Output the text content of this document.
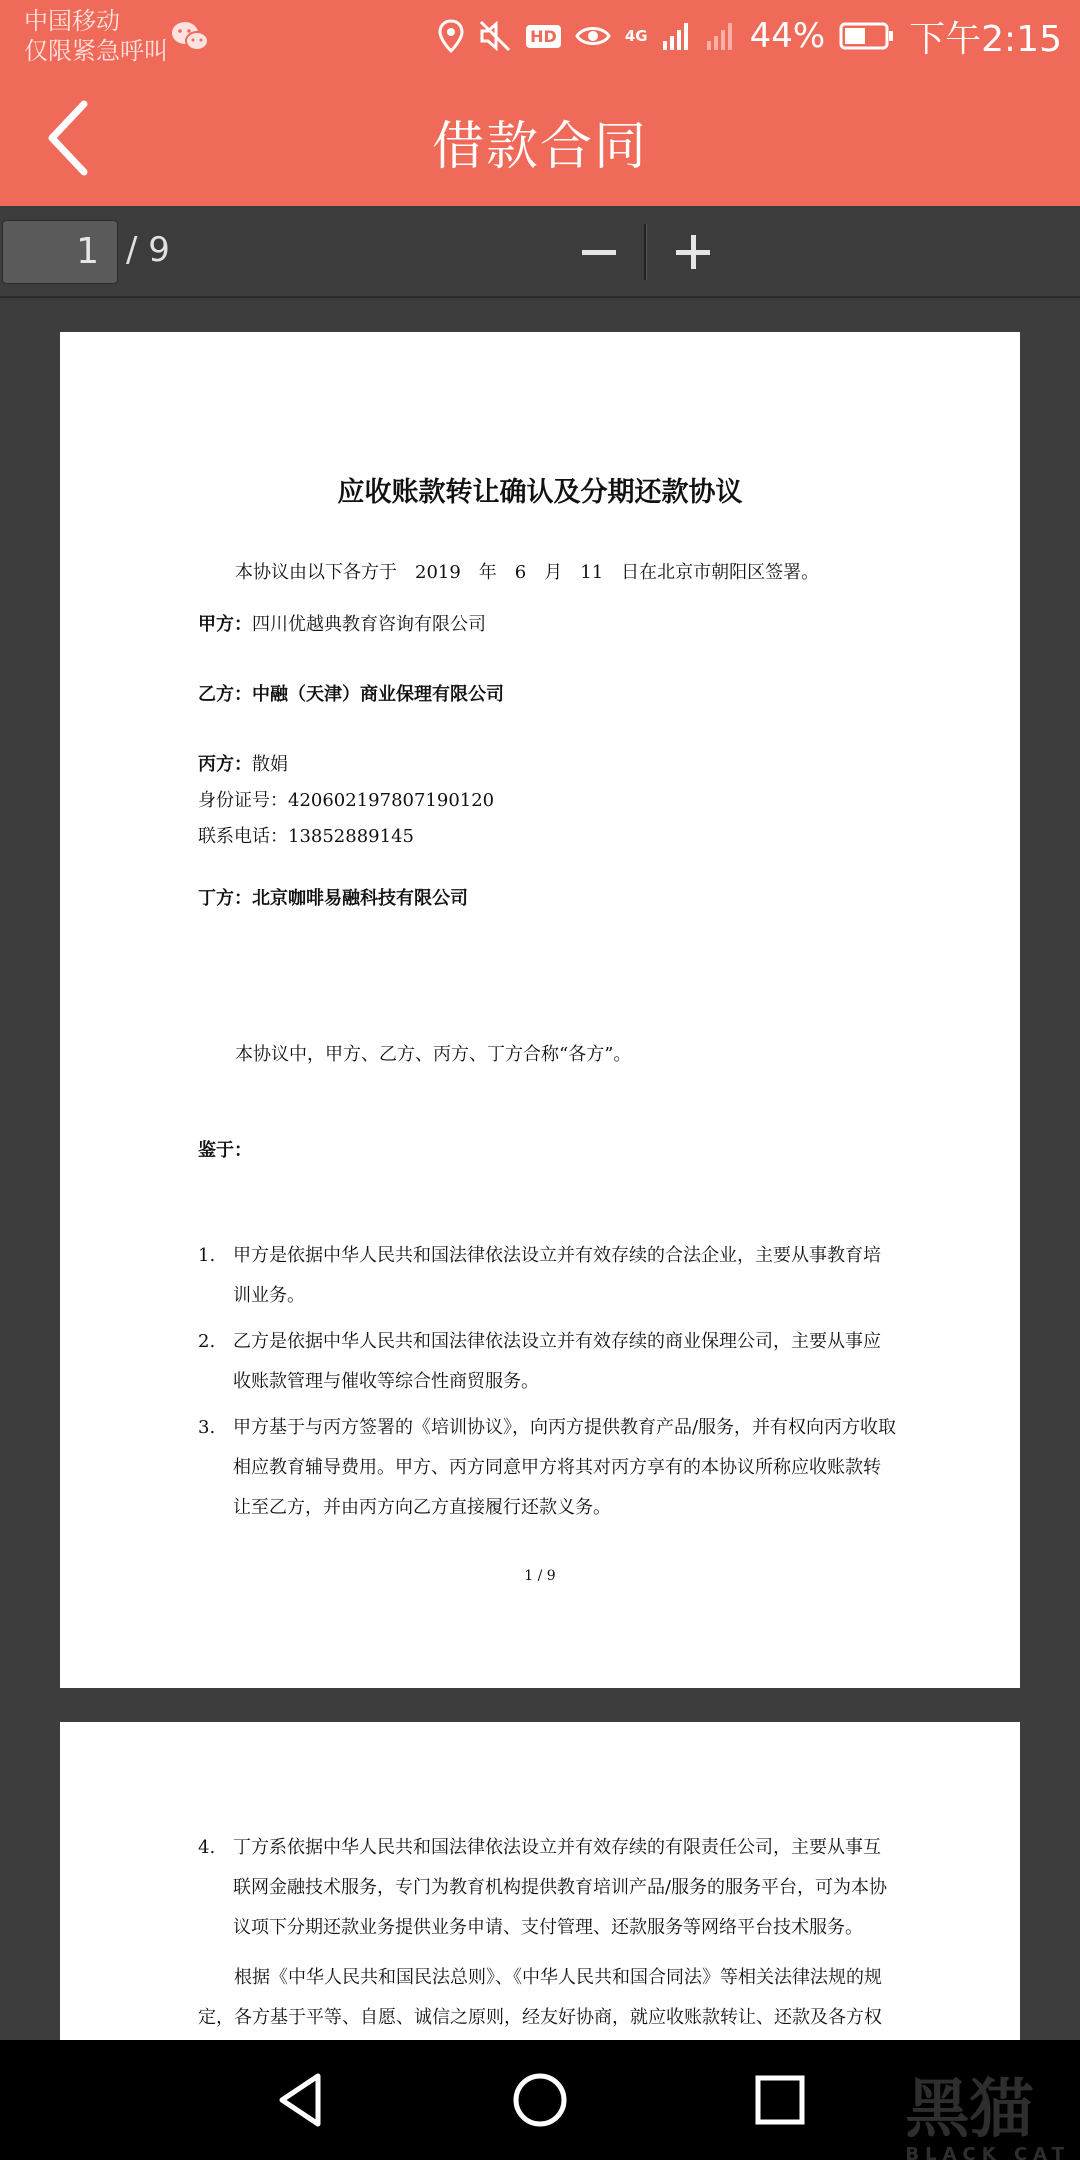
中国移动
仅限紧急呼叫
HD	4G	44% 下午2:15
借款合同
1 / 9
应收账款转让确认及分期还款协议
本协议由以下各方于　2019　年　6　月　11　日在北京市朝阳区签署。
甲方：四川优越典教育咨询有限公司
乙方：中融（天津）商业保理有限公司
丙方：散娟
身份证号：420602197807190120
联系电话：13852889145
丁方：北京咖啡易融科技有限公司
本协议中，甲方、乙方、丙方、丁方合称“各方”。
鉴于：
1. 甲方是依据中华人民共和国法律依法设立并有效存续的合法企业，主要从事教育培训业务。
2. 乙方是依据中华人民共和国法律依法设立并有效存续的商业保理公司，主要从事应收账款管理与催收等综合性商贸服务。
3. 甲方基于与丙方签署的《培训协议》，向丙方提供教育产品/服务，并有权向丙方收取相应教育辅导费用。甲方、丙方同意甲方将其对丙方享有的本协议所称应收账款转让至乙方，并由丙方向乙方直接履行还款义务。
1 / 9
4. 丁方系依据中华人民共和国法律依法设立并有效存续的有限责任公司，主要从事互联网金融技术服务，专门为教育机构提供教育培训产品/服务的服务平台，可为本协议项下分期还款业务提供业务申请、支付管理、还款服务等网络平台技术服务。
根据《中华人民共和国民法总则》、《中华人民共和国合同法》等相关法律法规的规定，各方基于平等、自愿、诚信之原则，经友好协商，就应收账款转让、还款及各方权
黑猫
BLACK CAT
